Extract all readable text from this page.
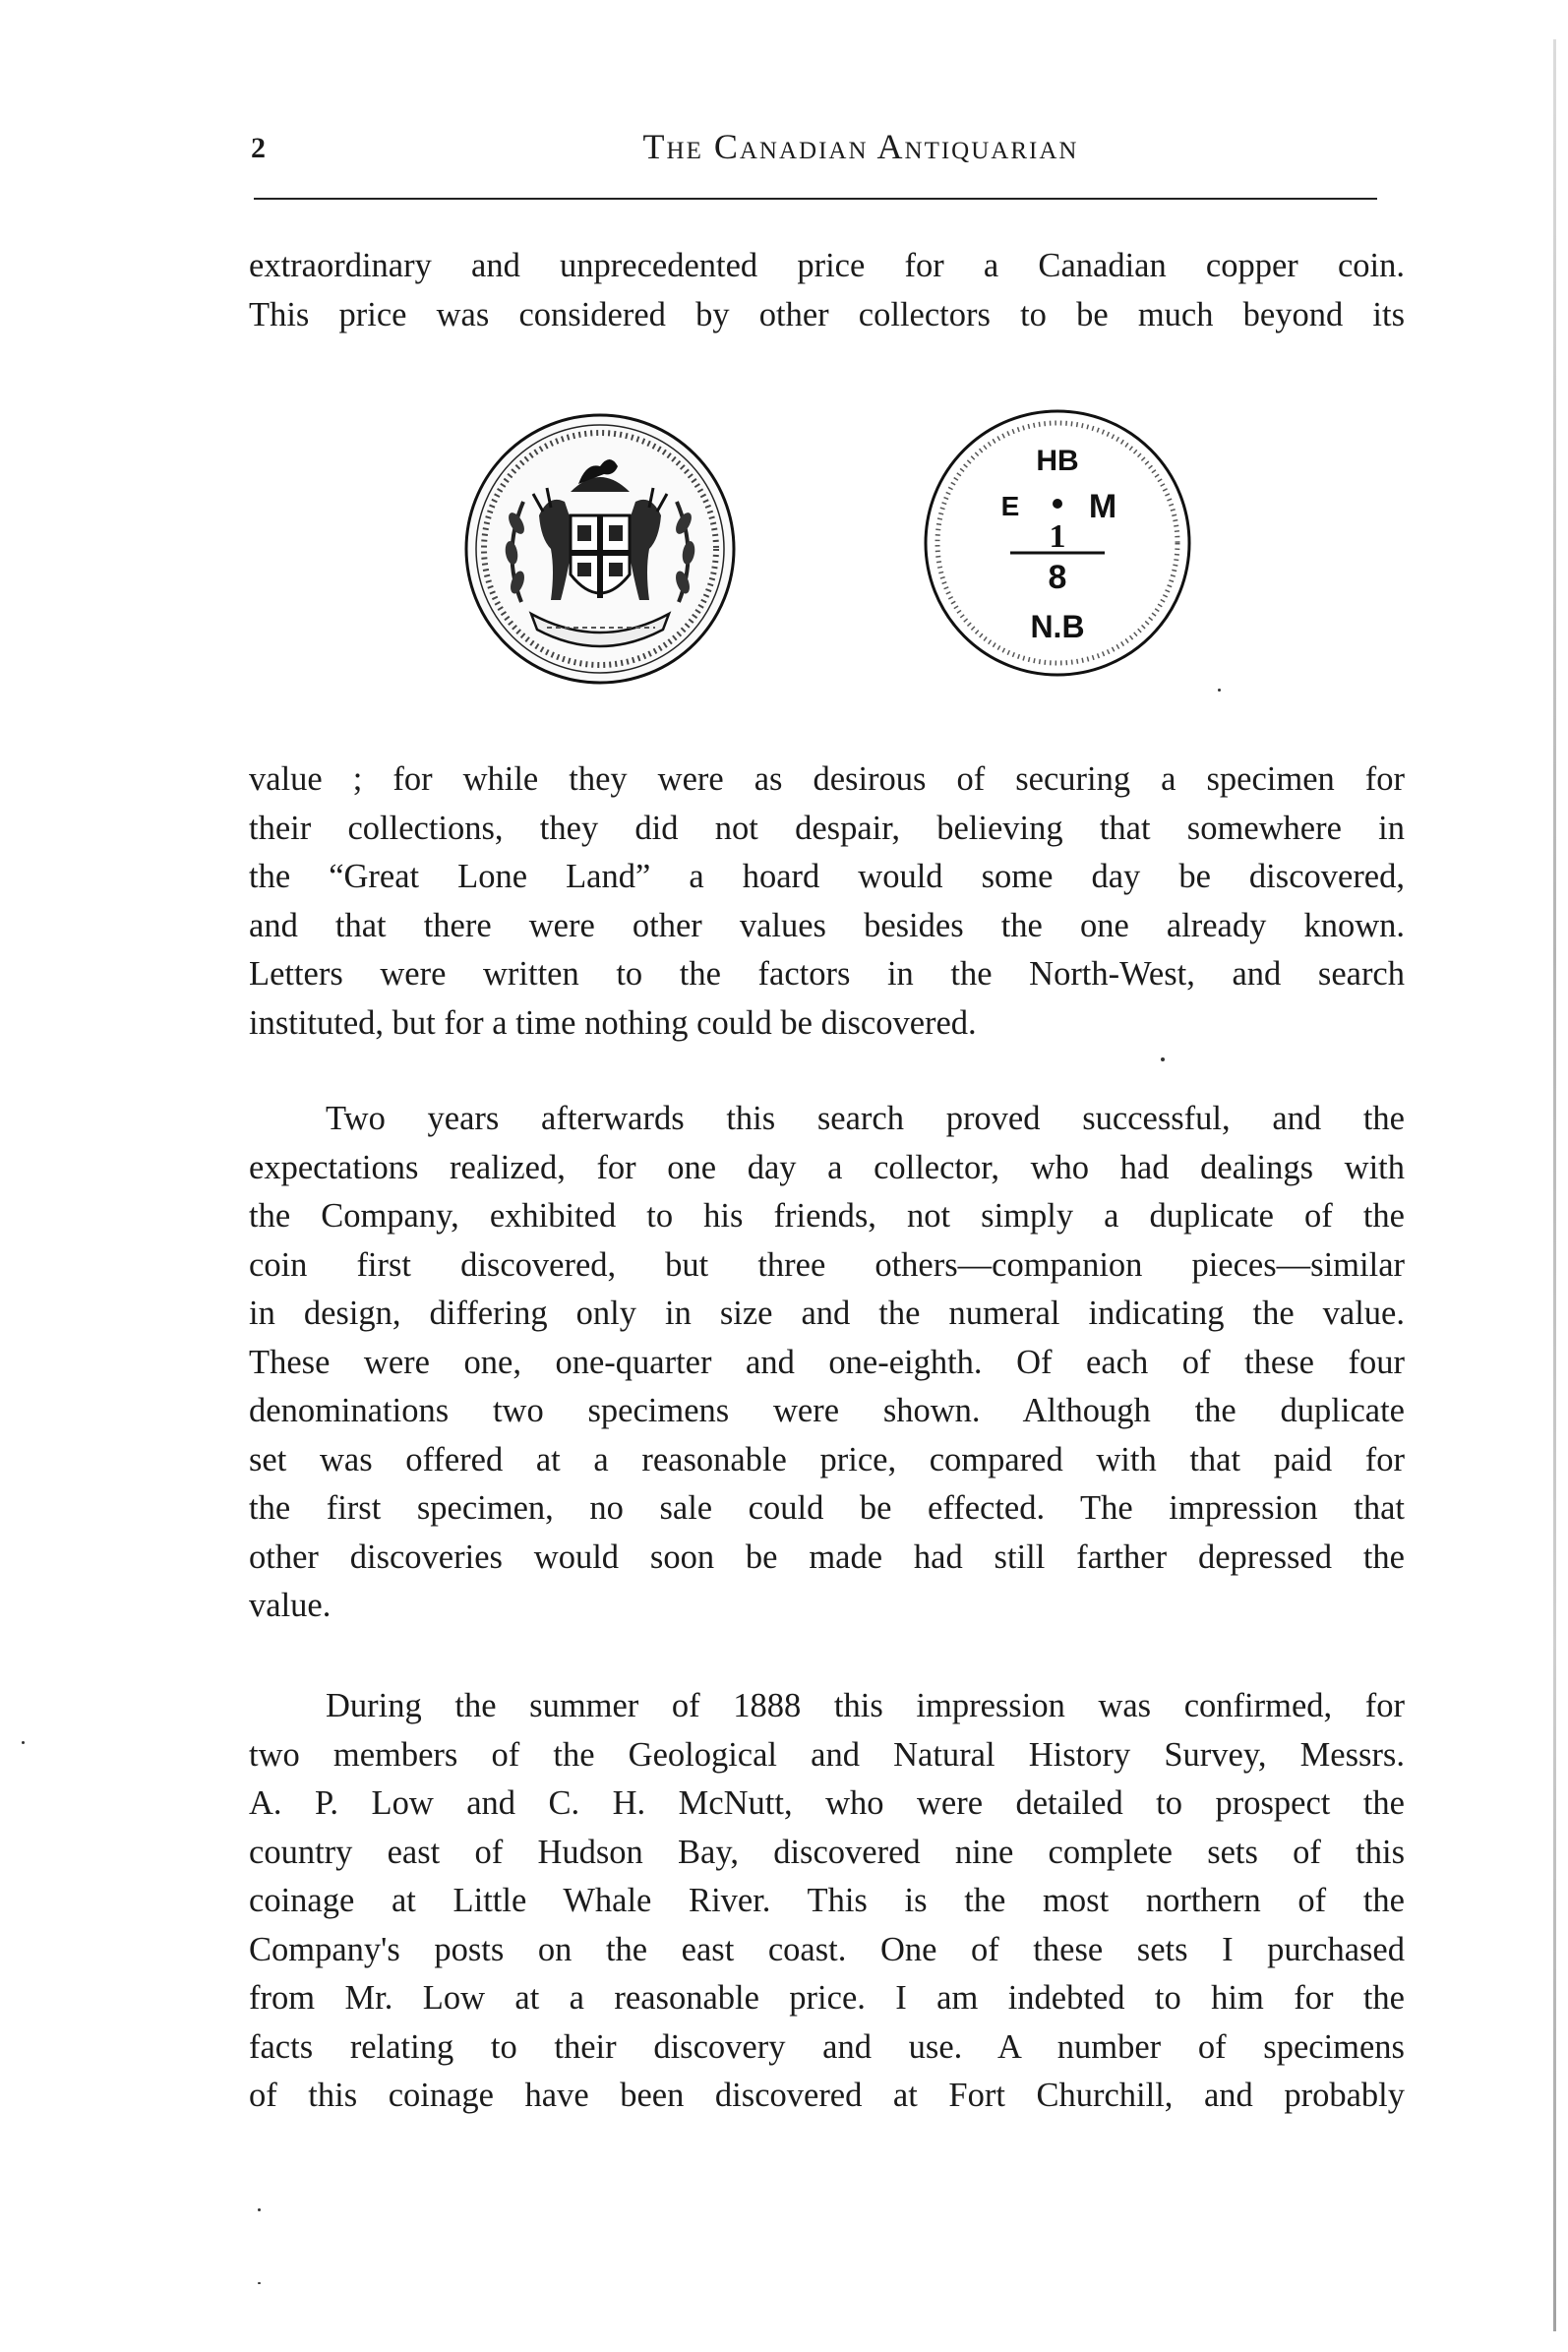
2	The Canadian Antiquarian

extraordinary and unprecedented price for a Canadian copper coin.
This price was considered by other collectors to be much beyond its

HB
E M
1
8
N.B

value ; for while they were as desirous of securing a specimen for
their collections, they did not despair, believing that somewhere in
the “Great Lone Land” a hoard would some day be discovered,
and that there were other values besides the one already known.
Letters were written to the factors in the North-West, and search
instituted, but for a time nothing could be discovered.

Two years afterwards this search proved successful, and the
expectations realized, for one day a collector, who had dealings with
the Company, exhibited to his friends, not simply a duplicate of the
coin first discovered, but three others—companion pieces—similar
in design, differing only in size and the numeral indicating the value.
These were one, one-quarter and one-eighth. Of each of these four
denominations two specimens were shown. Although the duplicate
set was offered at a reasonable price, compared with that paid for
the first specimen, no sale could be effected. The impression that
other discoveries would soon be made had still farther depressed the
value.

During the summer of 1888 this impression was confirmed, for
two members of the Geological and Natural History Survey, Messrs.
A. P. Low and C. H. McNutt, who were detailed to prospect the
country east of Hudson Bay, discovered nine complete sets of this
coinage at Little Whale River. This is the most northern of the
Company's posts on the east coast. One of these sets I purchased
from Mr. Low at a reasonable price. I am indebted to him for the
facts relating to their discovery and use. A number of specimens
of this coinage have been discovered at Fort Churchill, and probably
